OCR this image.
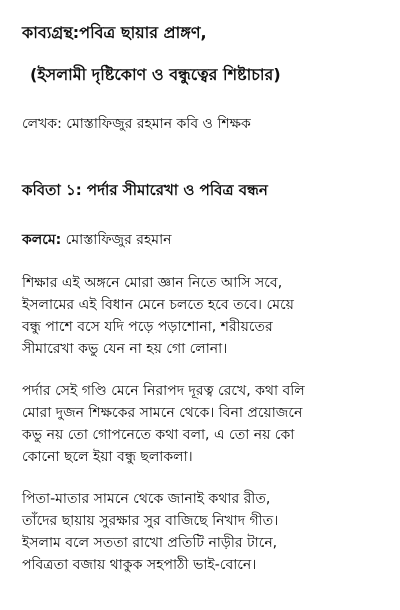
কাব্যগ্রন্থ:পবিত্র ছায়ার প্রাঙ্গণ,
(ইসলামী দৃষ্টিকোণ ও বন্ধুত্বের শিষ্টাচার)
লেখক: মোস্তাফিজুর রহমান কবি ও শিক্ষক
কবিতা ১: পর্দার সীমারেখা ও পবিত্র বন্ধন
কলমে: মোস্তাফিজুর রহমান
শিক্ষার এই অঙ্গনে মোরা জ্ঞান নিতে আসি সবে,
ইসলামের এই বিধান মেনে চলতে হবে তবে। মেয়ে
বন্ধু পাশে বসে যদি পড়ে পড়াশোনা, শরীয়তের
সীমারেখা কভু যেন না হয় গো লোনা।
পর্দার সেই গণ্ডি মেনে নিরাপদ দূরত্ব রেখে, কথা বলি
মোরা দুজন শিক্ষকের সামনে থেকে। বিনা প্রয়োজনে
কভু নয় তো গোপনেতে কথা বলা, এ তো নয় কো
কোনো ছলে ইয়া বন্ধু ছলাকলা।
পিতা-মাতার সামনে থেকে জানাই কথার রীত,
তাঁদের ছায়ায় সুরক্ষার সুর বাজিছে নিখাদ গীত।
ইসলাম বলে সততা রাখো প্রতিটি নাড়ীর টানে,
পবিত্রতা বজায় থাকুক সহপাঠী ভাই-বোনে।
